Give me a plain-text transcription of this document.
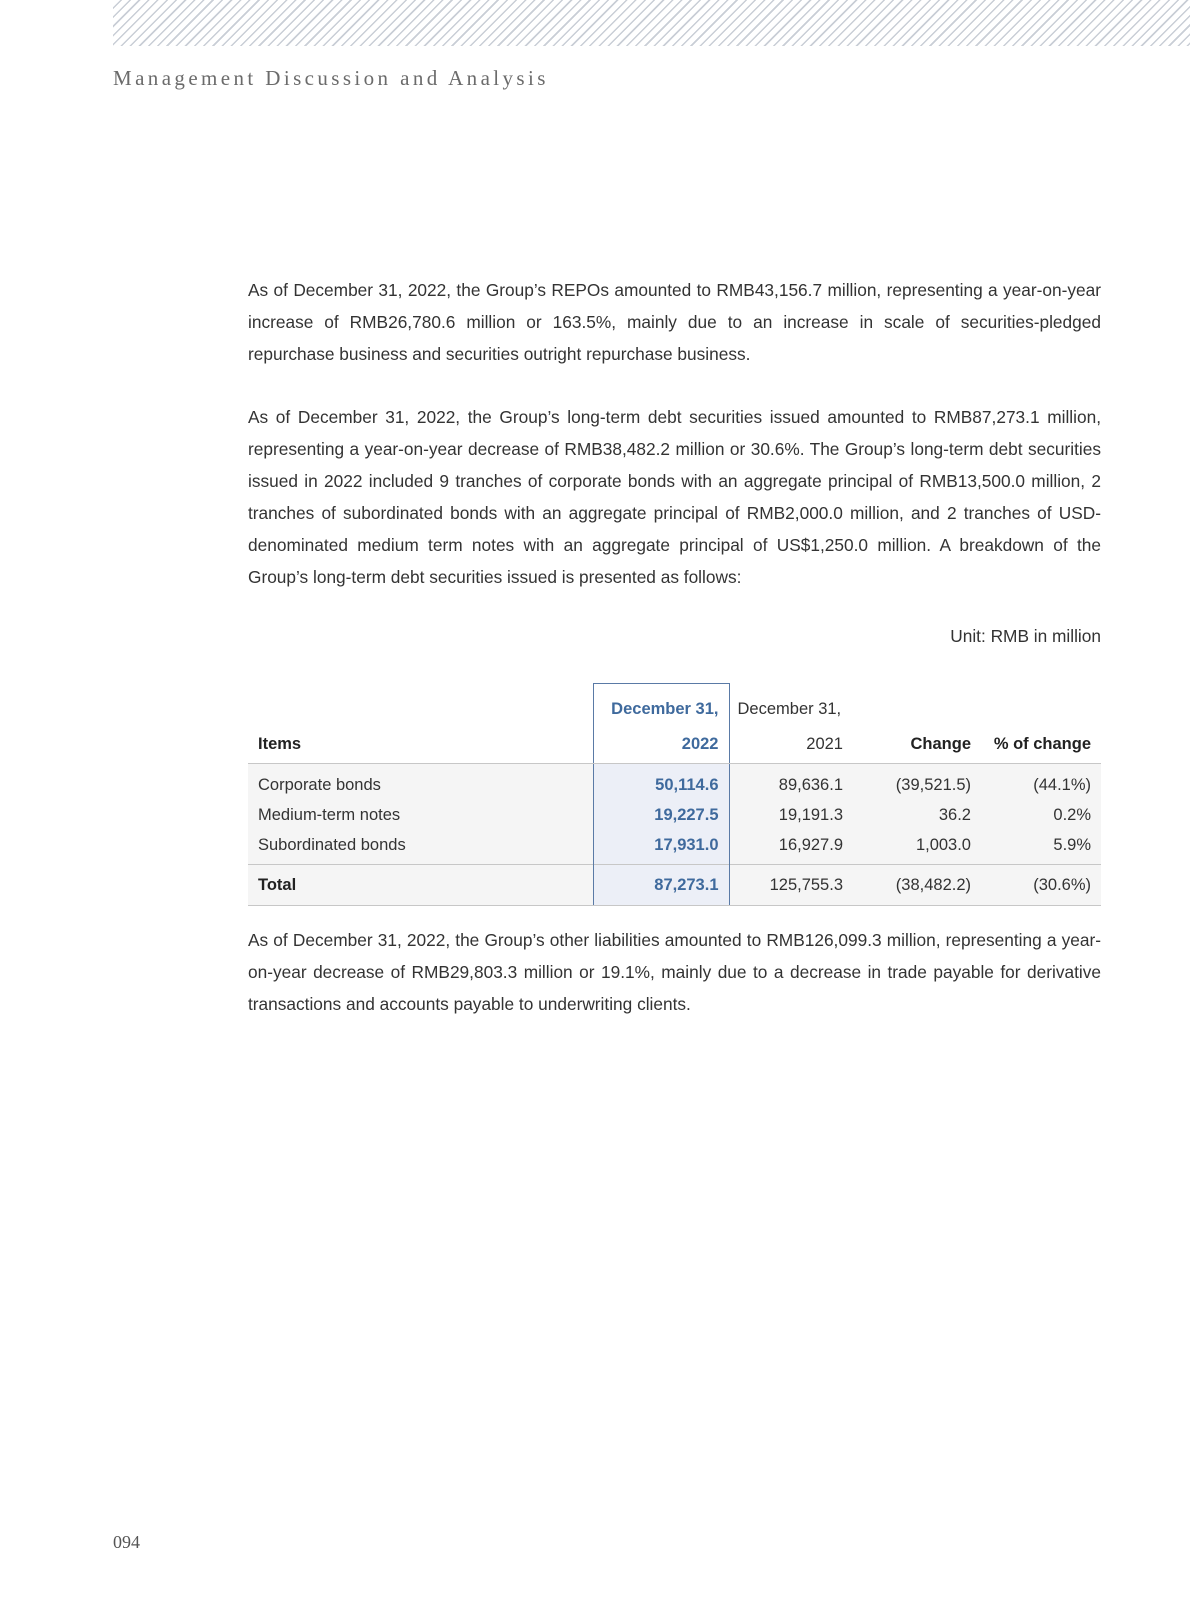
Management Discussion and Analysis

As of December 31, 2022, the Group’s REPOs amounted to RMB43,156.7 million, representing a year-on-year increase of RMB26,780.6 million or 163.5%, mainly due to an increase in scale of securities-pledged repurchase business and securities outright repurchase business.

As of December 31, 2022, the Group’s long-term debt securities issued amounted to RMB87,273.1 million, representing a year-on-year decrease of RMB38,482.2 million or 30.6%. The Group’s long-term debt securities issued in 2022 included 9 tranches of corporate bonds with an aggregate principal of RMB13,500.0 million, 2 tranches of subordinated bonds with an aggregate principal of RMB2,000.0 million, and 2 tranches of USD-denominated medium term notes with an aggregate principal of US$1,250.0 million. A breakdown of the Group’s long-term debt securities issued is presented as follows:

Unit: RMB in million
	December 31,	December 31,		
Items	2022	2021	Change	% of change
Corporate bonds	50,114.6	89,636.1	(39,521.5)	(44.1%)
Medium-term notes	19,227.5	19,191.3	36.2	0.2%
Subordinated bonds	17,931.0	16,927.9	1,003.0	5.9%
Total	87,273.1	125,755.3	(38,482.2)	(30.6%)

As of December 31, 2022, the Group’s other liabilities amounted to RMB126,099.3 million, representing a year-on-year decrease of RMB29,803.3 million or 19.1%, mainly due to a decrease in trade payable for derivative transactions and accounts payable to underwriting clients.

094
